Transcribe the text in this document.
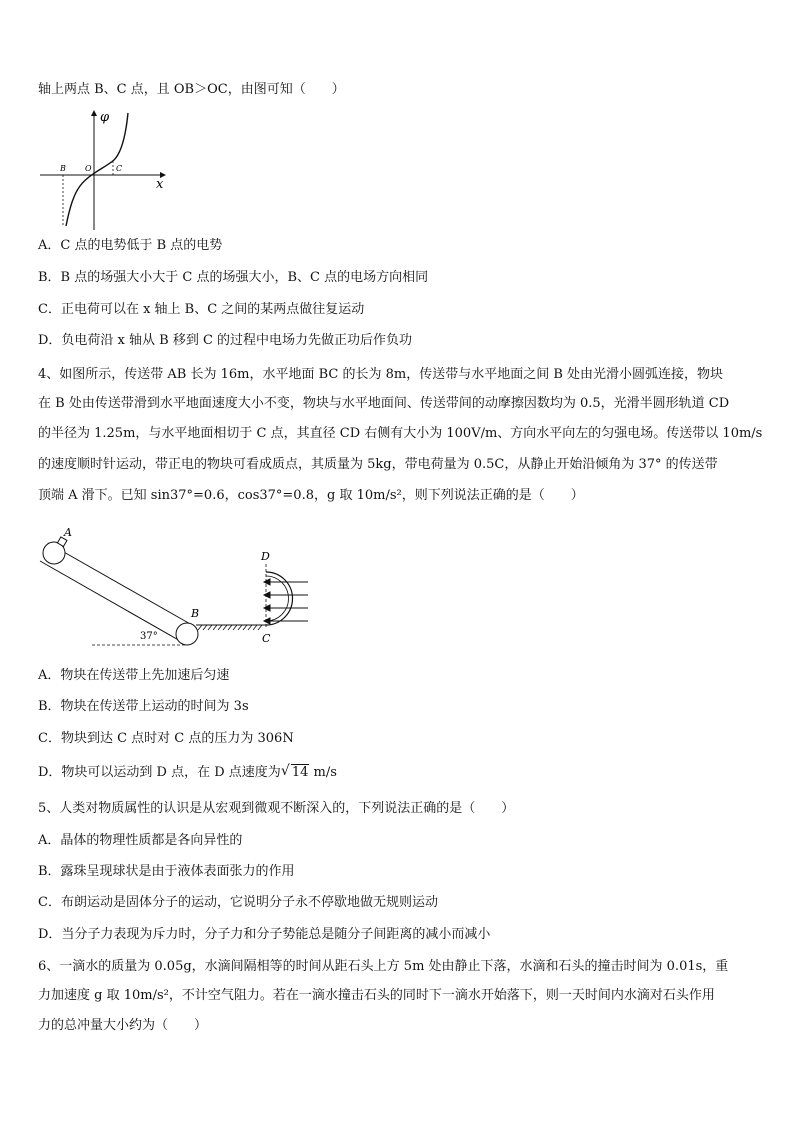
轴上两点 B、C 点，且 OB＞OC，由图可知（　　）
φ
x
B O	C
A．C 点的电势低于 B 点的电势
B．B 点的场强大小大于 C 点的场强大小，B、C 点的电场方向相同
C．正电荷可以在 x 轴上 B、C 之间的某两点做往复运动
D．负电荷沿 x 轴从 B 移到 C 的过程中电场力先做正功后作负功
4、如图所示，传送带 AB 长为 16m，水平地面 BC 的长为 8m，传送带与水平地面之间 B 处由光滑小圆弧连接，物块
在 B 处由传送带滑到水平地面速度大小不变，物块与水平地面间、传送带间的动摩擦因数均为 0.5，光滑半圆形轨道 CD
的半径为 1.25m，与水平地面相切于 C 点，其直径 CD 右侧有大小为 100V/m、方向水平向左的匀强电场。传送带以 10m/s
的速度顺时针运动，带正电的物块可看成质点，其质量为 5kg，带电荷量为 0.5C，从静止开始沿倾角为 37° 的传送带
顶端 A 滑下。已知 sin37°=0.6，cos37°=0.8，g 取 10m/s²，则下列说法正确的是（　　）
37°
A
B
D
C
A．物块在传送带上先加速后匀速
B．物块在传送带上运动的时间为 3s
C．物块到达 C 点时对 C 点的压力为 306N
D．物块可以运动到 D 点，在 D 点速度为 √ 14 m/s
5、人类对物质属性的认识是从宏观到微观不断深入的，下列说法正确的是（　　）
A．晶体的物理性质都是各向异性的
B．露珠呈现球状是由于液体表面张力的作用
C．布朗运动是固体分子的运动，它说明分子永不停歇地做无规则运动
D．当分子力表现为斥力时，分子力和分子势能总是随分子间距离的减小而减小
6、一滴水的质量为 0.05g，水滴间隔相等的时间从距石头上方 5m 处由静止下落，水滴和石头的撞击时间为 0.01s，重
力加速度 g 取 10m/s²，不计空气阻力。若在一滴水撞击石头的同时下一滴水开始落下，则一天时间内水滴对石头作用
力的总冲量大小约为（　　）
